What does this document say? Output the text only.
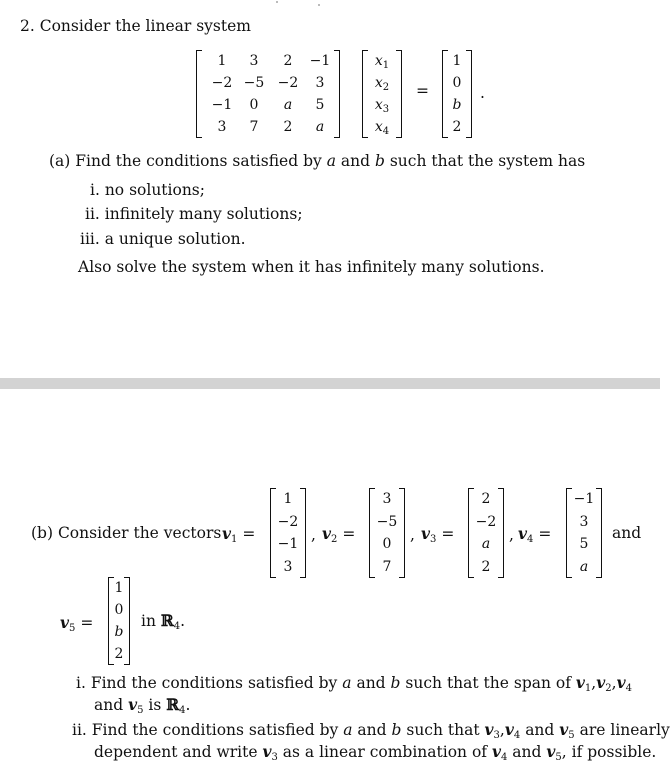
2. Consider the linear system
1	3	2	−1
−2 −5 −2	3
−1	0	a	5
3	7	2	a
$x_1$
$x_2$
$x_3$
$x_4$
=
1
0
b
2
.
(a) Find the conditions satisfied by a and b such that the system has
i. no solutions;
ii. infinitely many solutions;
iii. a unique solution.
Also solve the system when it has infinitely many solutions.
(b) Consider the vectors $v_1$ =
1
−2
−1
3
, $v_2$ =
3
−5
0
7
, $v_3$ =
2
−2
a
2
, $v_4$ =
−1
3
5
a
and
$v_5$ =
1
0
b
2
in ℝ$_4$.
i. Find the conditions satisfied by a and b such that the span of $v_1,v_2,v_4$
and $v_5$ is ℝ$_4$.
ii. Find the conditions satisfied by a and b such that $v_3,v_4$ and $v_5$ are linearly
dependent and write $v_3$ as a linear combination of $v_4$ and $v_5$, if possible.
